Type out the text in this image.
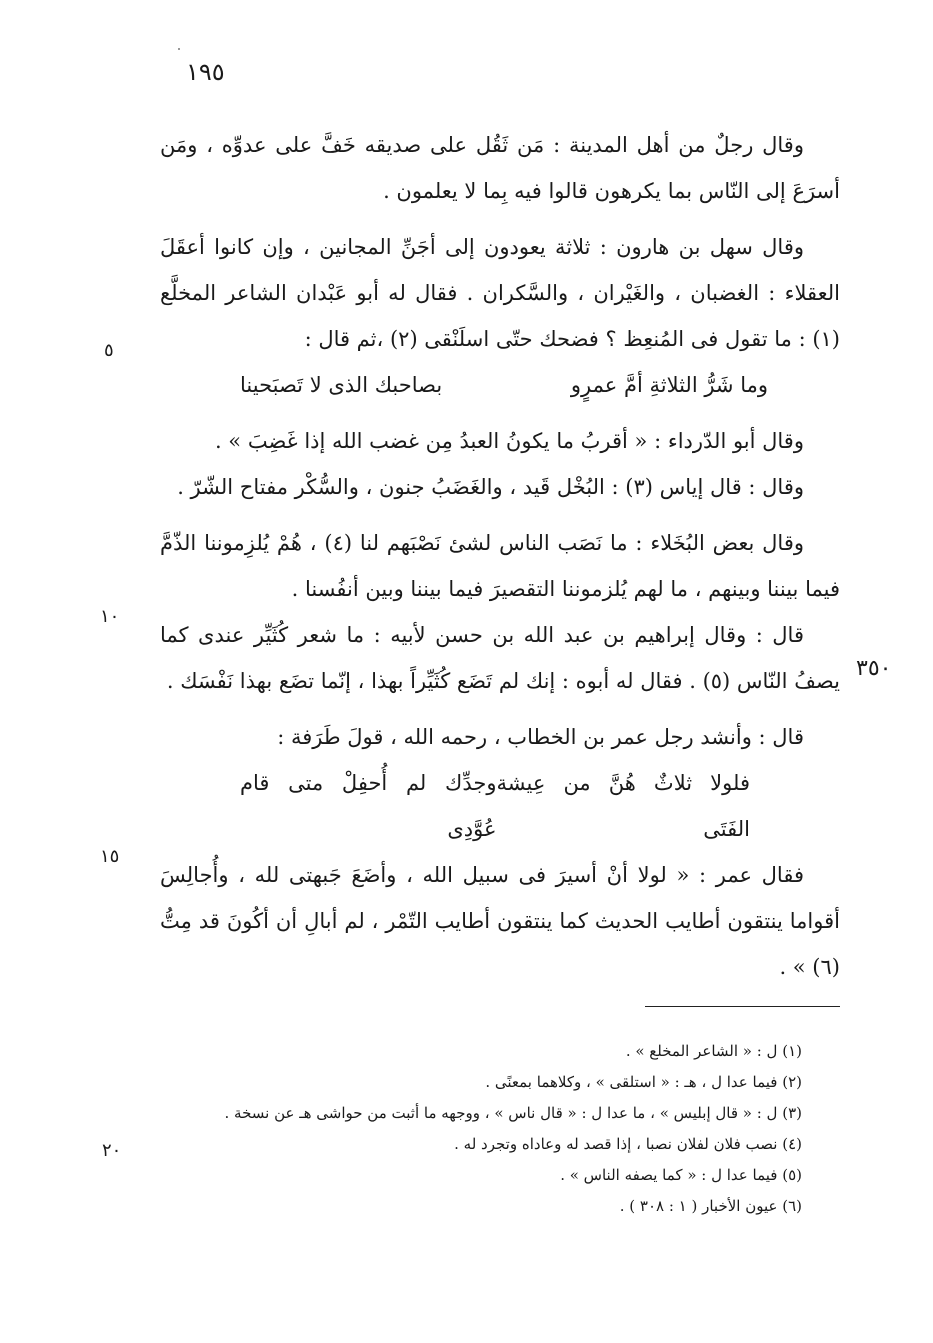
١٩٥
٥
١٠
١٥
٢٠
٣٥٠

وقال رجلٌ من أهل المدينة : مَن ثَقُل على صديقه خَفَّ على عدوِّه ، ومَن أسرَعَ إلى النّاس بما يكرهون قالوا فيه بِما لا يعلمون .

وقال سهل بن هارون : ثلاثة يعودون إلى أجَنِّ المجانين ، وإن كانوا أعقَلَ العقلاء : الغضبان ، والغَيْران ، والسَّكران . فقال له أبو عَبْدان الشاعر المخلَّع (١) : ما تقول فى المُنعِظ ؟ فضحك حتّى اسلَنْقى (٢) ،ثم قال :

وما شَرُّ الثلاثةِ أمَّ عمرٍو
بصاحبك الذى لا تَصبَحينا

وقال أبو الدّرداء : « أقربُ ما يكونُ العبدُ مِن غضب الله إذا غَضِبَ » .

وقال : قال إياس (٣) : البُخْل قَيد ، والغَضَبُ جنون ، والسُّكْر مفتاح الشّرّ .

وقال بعض البُخَلاء : ما نَصَب الناس لشئ نَصْبَهم لنا (٤) ، هُمْ يُلزِموننا الذّمَّ فيما بيننا وبينهم ، ما لهم يُلزموننا التقصيرَ فيما بيننا وبين أنفُسنا .

قال : وقال إبراهيم بن عبد الله بن حسن لأبيه : ما شعر كُثَيِّر عندى كما يصفُ النّاس (٥) . فقال له أبوه : إنك لم تَضَع كُثَيِّراً بهذا ، إنّما تضَع بهذا نَفْسَك .

قال : وأنشد رجل عمر بن الخطاب ، رحمه الله ، قولَ طَرَفة :

فلولا ثلاثٌ هُنَّ من عِيشة الفَتَى
وجدِّك لم أُحفِلْ متى قام عُوَّدِى

فقال عمر : « لولا أنْ أسيرَ فى سبيل الله ، وأضَعَ جَبهتى لله ، وأُجالِسَ أقواما ينتقون أطايب الحديث كما ينتقون أطايب التّمْر ، لم أبالِ أن أكُونَ قد مِتُّ (٦) » .

(١) ل : « الشاعر المخلع » .

(٢) فيما عدا ل ، هـ : « استلقى » ، وكلاهما بمعنًى .

(٣) ل : « قال إبليس » ، ما عدا ل : « قال ناس » ، ووجهه ما أثبت من حواشى هـ عن نسخة .

(٤) نصب فلان لفلان نصبا ، إذا قصد له وعاداه وتجرد له .

(٥) فيما عدا ل : « كما يصفه الناس » .

(٦) عيون الأخبار ( ١ : ٣٠٨ ) .
